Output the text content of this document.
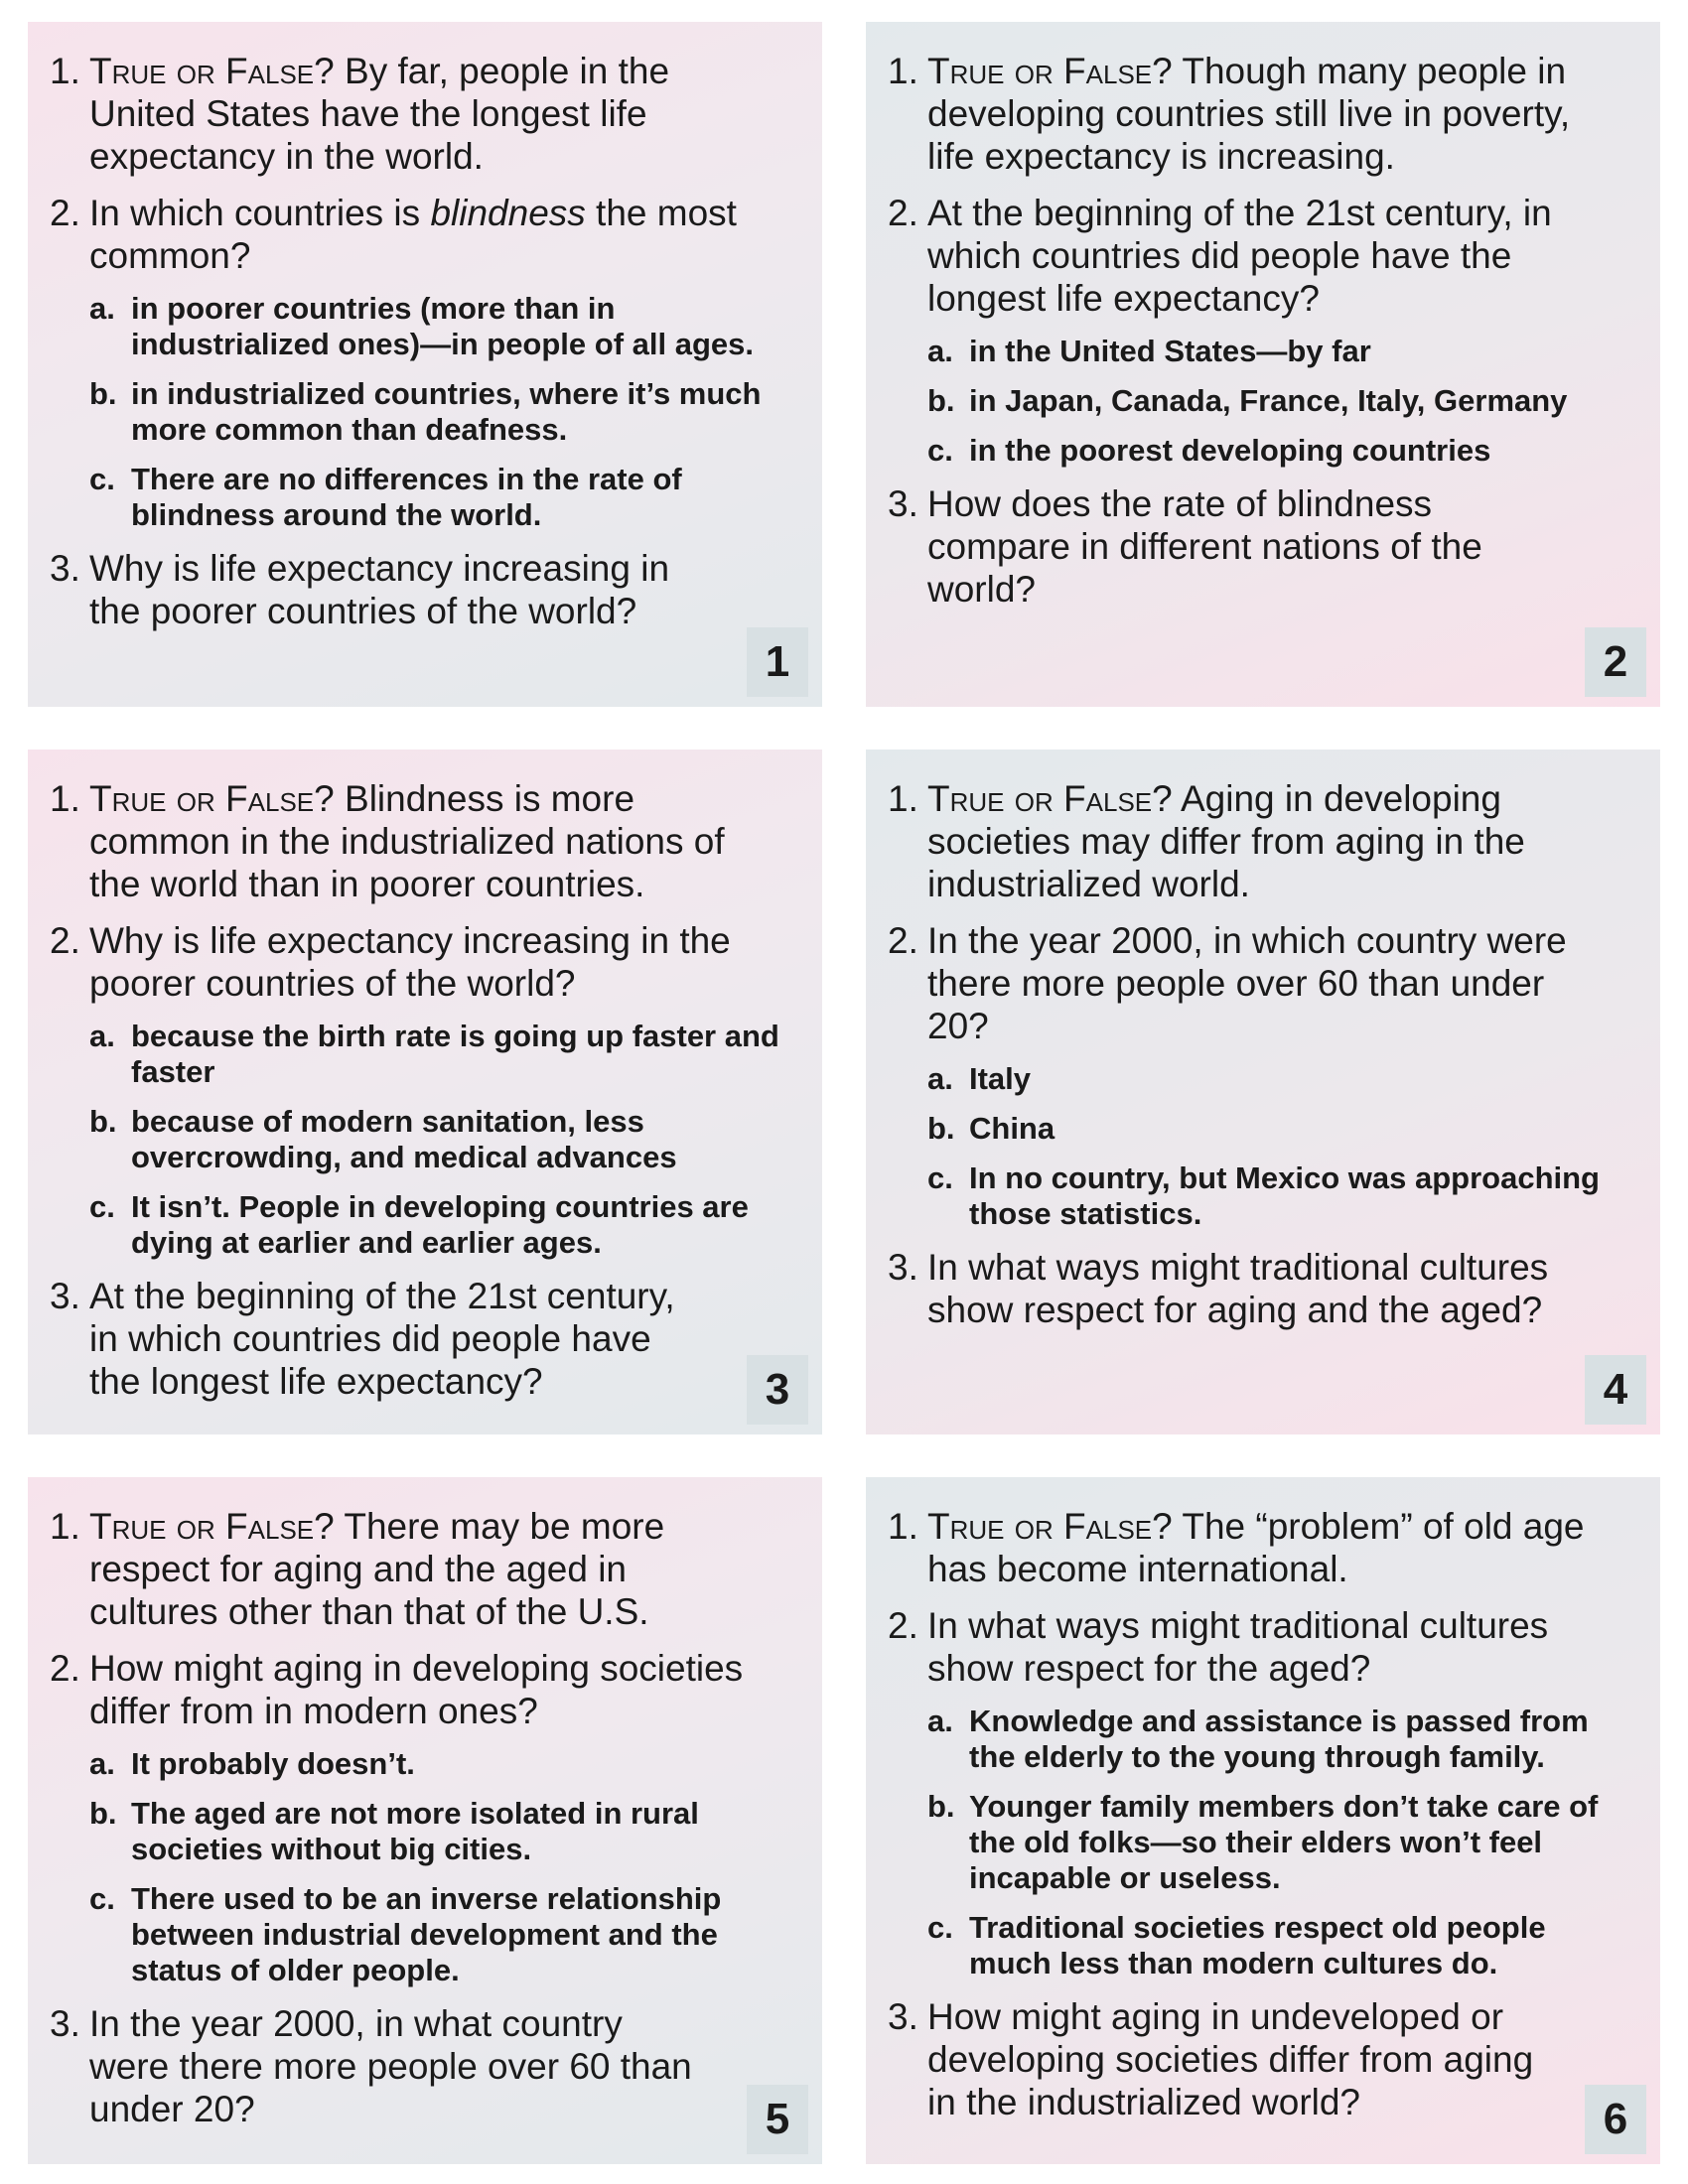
1. True or False? By far, people in the United States have the longest life expectancy in the world.
2. In which countries is blindness the most common?
a. in poorer countries (more than in industrialized ones)—in people of all ages.
b. in industrialized countries, where it’s much more common than deafness.
c. There are no differences in the rate of blindness around the world.
3. Why is life expectancy increasing in the poorer countries of the world?
1
1. True or False? Though many people in developing countries still live in poverty, life expectancy is increasing.
2. At the beginning of the 21st century, in which countries did people have the longest life expectancy?
a. in the United States—by far
b. in Japan, Canada, France, Italy, Germany
c. in the poorest developing countries
3. How does the rate of blindness compare in different nations of the world?
2
1. True or False? Blindness is more common in the industrialized nations of the world than in poorer countries.
2. Why is life expectancy increasing in the poorer countries of the world?
a. because the birth rate is going up faster and faster
b. because of modern sanitation, less overcrowding, and medical advances
c. It isn’t. People in developing countries are dying at earlier and earlier ages.
3. At the beginning of the 21st century, in which countries did people have the longest life expectancy?	3
1. True or False? Aging in developing societies may differ from aging in the industrialized world.
2. In the year 2000, in which country were there more people over 60 than under 20?
a. Italy
b. China
c. In no country, but Mexico was approaching those statistics.
3. In what ways might traditional cultures show respect for aging and the aged?
4
1. True or False? There may be more respect for aging and the aged in cultures other than that of the U.S.
2. How might aging in developing societies differ from in modern ones?
a. It probably doesn’t.
b. The aged are not more isolated in rural societies without big cities.
c. There used to be an inverse relationship between industrial development and the status of older people.
3. In the year 2000, in what country were there more people over 60 than under 20?	5
1. True or False? The “problem” of old age has become international.
2. In what ways might traditional cultures show respect for the aged?
a. Knowledge and assistance is passed from the elderly to the young through family.
b. Younger family members don’t take care of the old folks—so their elders won’t feel incapable or useless.
c. Traditional societies respect old people much less than modern cultures do.
3. How might aging in undeveloped or developing societies differ from aging in the industrialized world?	6
